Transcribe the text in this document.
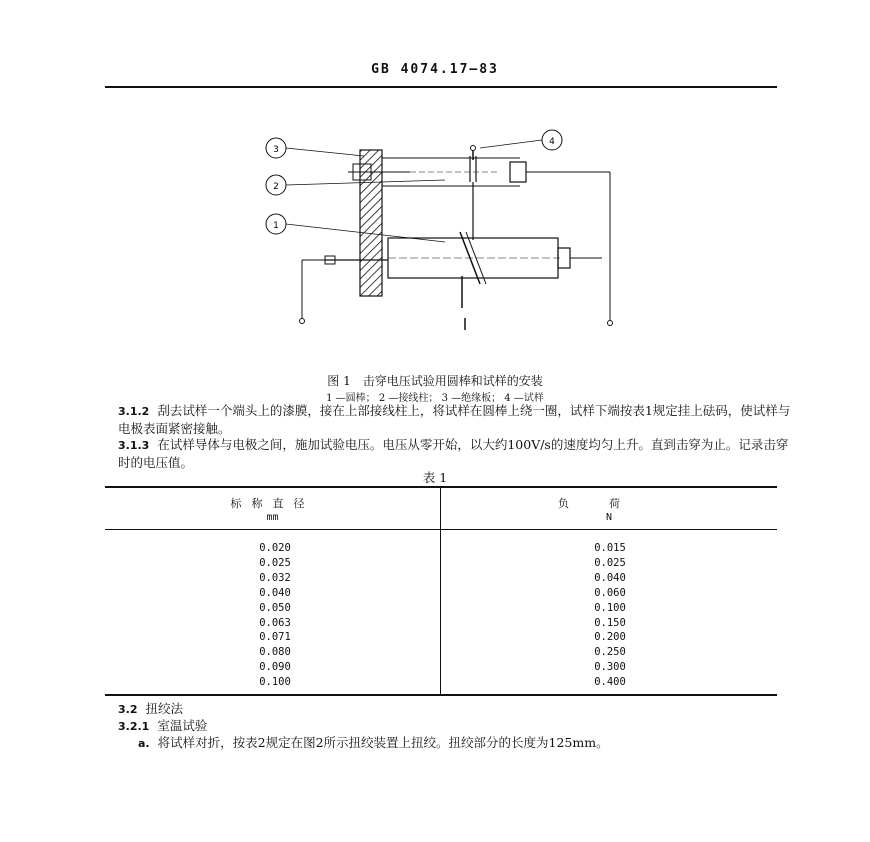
GB 4074.17—83
3
2
1
4
图 1　击穿电压试验用圆棒和试样的安装
1 —圆棒； 2 —接线柱； 3 —绝缘板； 4 —试样
3.1.2 刮去试样一个端头上的漆膜，接在上部接线柱上，将试样在圆棒上绕一圈，试样下端按表1规定挂上砝码，使试样与电极表面紧密接触。
3.1.3 在试样导体与电极之间，施加试验电压。电压从零开始，以大约100V/s的速度均匀上升。直到击穿为止。记录击穿时的电压值。
表 1
标称直径
mm
负荷
N
0.020
0.025
0.032
0.040
0.050
0.063
0.071
0.080
0.090
0.100
0.015
0.025
0.040
0.060
0.100
0.150
0.200
0.250
0.300
0.400
3.2 扭绞法
3.2.1 室温试验
a. 将试样对折，按表2规定在图2所示扭绞装置上扭绞。扭绞部分的长度为125mm。
